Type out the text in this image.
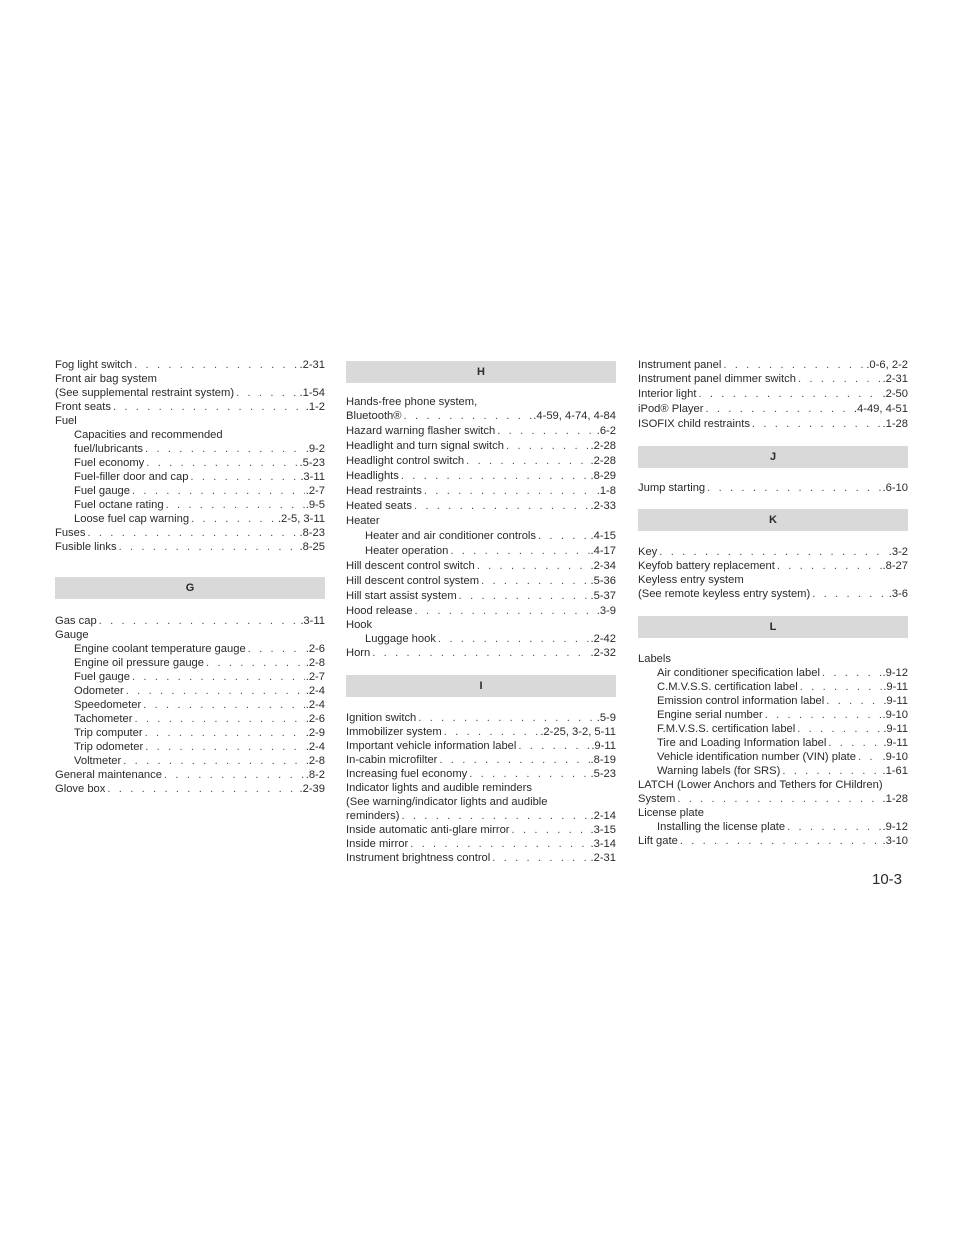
Fog light switch . . .	.2-31
Front air bag system
(See supplemental restraint system) . . .	.1-54
Front seats . . .	.1-2
Fuel
Capacities and recommended
fuel/lubricants . . .	.9-2
Fuel economy . . .	.5-23
Fuel-filler door and cap . . .	.3-11
Fuel gauge . . .	.2-7
Fuel octane rating . . .	.9-5
Loose fuel cap warning . . .	.2-5, 3-11
Fuses . . .	.8-23
Fusible links . . .	.8-25
G
Gas cap . . .	.3-11
Gauge
Engine coolant temperature gauge . . .	.2-6
Engine oil pressure gauge . . .	.2-8
Fuel gauge . . .	.2-7
Odometer . . .	.2-4
Speedometer . . .	.2-4
Tachometer . . .	.2-6
Trip computer . . .	.2-9
Trip odometer . . .	.2-4
Voltmeter . . .	.2-8
General maintenance . . .	.8-2
Glove box . . .	.2-39
H
Hands-free phone system,
Bluetooth® . . .	.4-59, 4-74, 4-84
Hazard warning flasher switch . . .	.6-2
Headlight and turn signal switch . . .	.2-28
Headlight control switch . . .	.2-28
Headlights . . .	.8-29
Head restraints . . .	.1-8
Heated seats . . .	.2-33
Heater
Heater and air conditioner controls . . .	.4-15
Heater operation . . .	.4-17
Hill descent control switch . . .	.2-34
Hill descent control system . . .	.5-36
Hill start assist system . . .	.5-37
Hood release . . .	.3-9
Hook
Luggage hook . . .	.2-42
Horn . . .	.2-32
I
Ignition switch . . .	.5-9
Immobilizer system . . .	.2-25, 3-2, 5-11
Important vehicle information label . . .	.9-11
In-cabin microfilter . . .	.8-19
Increasing fuel economy . . .	.5-23
Indicator lights and audible reminders
(See warning/indicator lights and audible
reminders) . . .	.2-14
Inside automatic anti-glare mirror . . .	.3-15
Inside mirror . . .	.3-14
Instrument brightness control . . .	.2-31
Instrument panel . . .	.0-6, 2-2
Instrument panel dimmer switch . . .	.2-31
Interior light . . .	.2-50
iPod® Player . . .	.4-49, 4-51
ISOFIX child restraints . . .	.1-28
J
Jump starting . . .	.6-10
K
Key . . .	.3-2
Keyfob battery replacement . . .	.8-27
Keyless entry system
(See remote keyless entry system) . . .	.3-6
L
Labels
Air conditioner specification label . . .	.9-12
C.M.V.S.S. certification label . . .	.9-11
Emission control information label . . .	.9-11
Engine serial number . . .	.9-10
F.M.V.S.S. certification label . . .	.9-11
Tire and Loading Information label . . .	.9-11
Vehicle identification number (VIN) plate . . . .9-10
Warning labels (for SRS) . . .	.1-61
LATCH (Lower Anchors and Tethers for CHildren)
System . . .	.1-28
License plate
Installing the license plate . . .	.9-12
Lift gate . . .	.3-10
10-3
